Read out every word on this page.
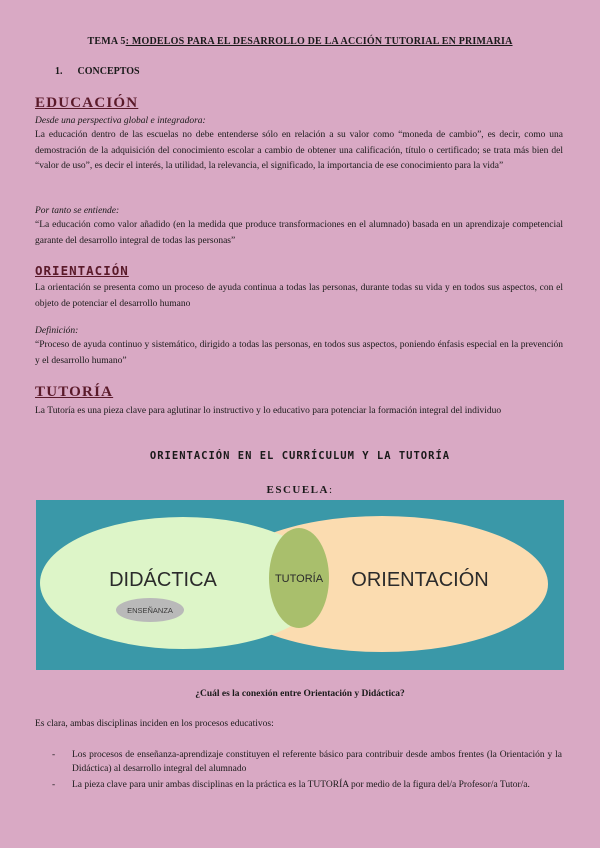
TEMA 5: MODELOS PARA EL DESARROLLO DE LA ACCIÓN TUTORIAL EN PRIMARIA
1. CONCEPTOS
EDUCACIÓN
Desde una perspectiva global e integradora:
La educación dentro de las escuelas no debe entenderse sólo en relación a su valor como “moneda de cambio”, es decir, como una demostración de la adquisición del conocimiento escolar a cambio de obtener una calificación, título o certificado; se trata más bien del “valor de uso”, es decir el interés, la utilidad, la relevancia, el significado, la importancia de ese conocimiento para la vida”
Por tanto se entiende:
“La educación como valor añadido (en la medida que produce transformaciones en el alumnado) basada en un aprendizaje competencial garante del desarrollo integral de todas las personas”
ORIENTACIÓN
La orientación se presenta como un proceso de ayuda continua a todas las personas, durante todas su vida y en todos sus aspectos, con el objeto de potenciar el desarrollo humano
Definición:
“Proceso de ayuda continuo y sistemático, dirigido a todas las personas, en todos sus aspectos, poniendo énfasis especial en la prevención y el desarrollo humano”
TUTORÍA
La Tutoría es una pieza clave para aglutinar lo instructivo y lo educativo para potenciar la formación integral del individuo
ORIENTACIÓN EN EL CURRÍCULUM Y LA TUTORÍA
ESCUELA:
DIDÁCTICA
ENSEÑANZA
TUTORÍA ORIENTACIÓN
¿Cuál es la conexión entre Orientación y Didáctica?
Es clara, ambas disciplinas inciden en los procesos educativos:
- Los procesos de enseñanza-aprendizaje constituyen el referente básico para contribuir desde ambos frentes (la Orientación y la Didáctica) al desarrollo integral del alumnado
- La pieza clave para unir ambas disciplinas en la práctica es la TUTORÍA por medio de la figura del/a Profesor/a Tutor/a.
